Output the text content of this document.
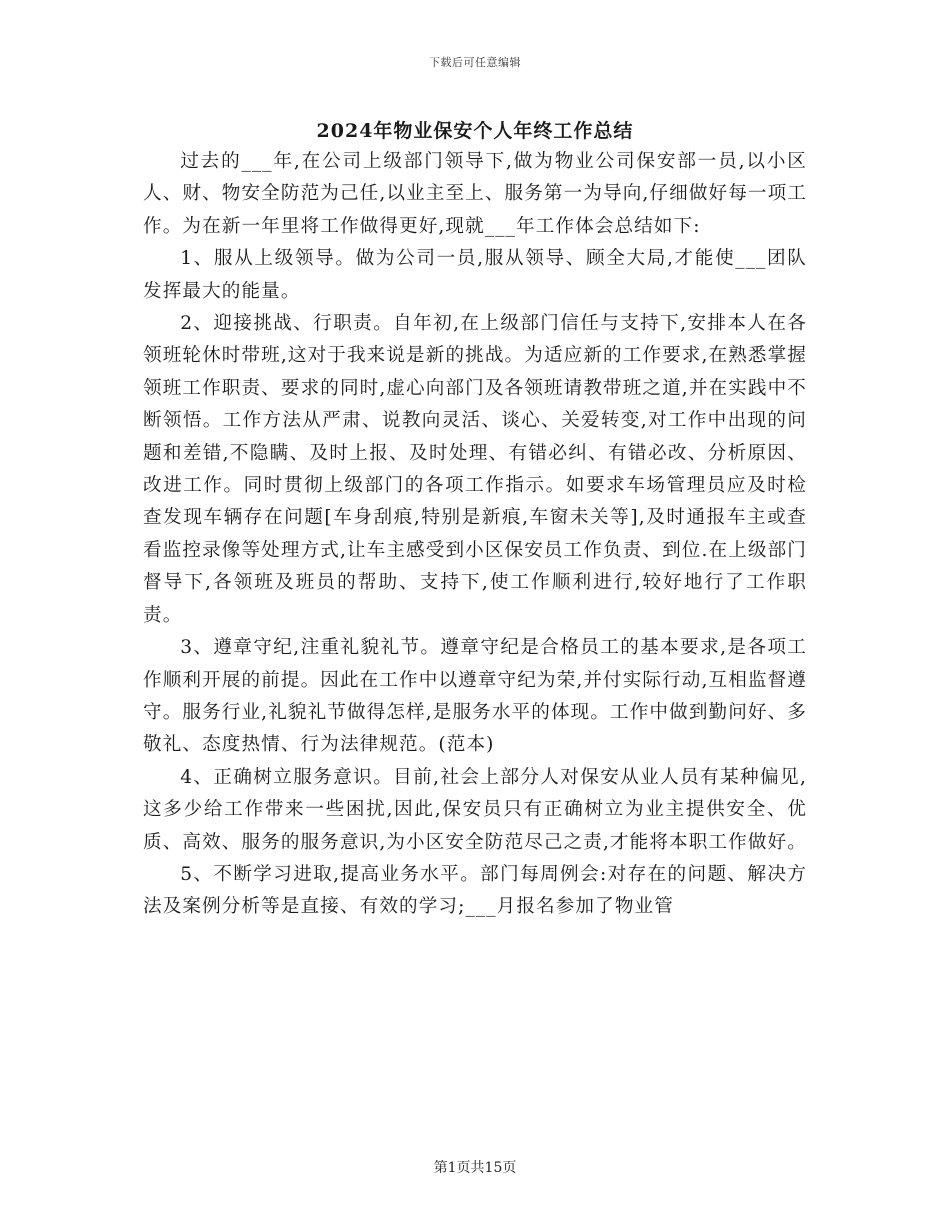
下载后可任意编辑
2024年物业保安个人年终工作总结

过去的___年,在公司上级部门领导下,做为物业公司保安部一员,以小区人、财、物安全防范为己任,以业主至上、服务第一为导向,仔细做好每一项工作。为在新一年里将工作做得更好,现就___年工作体会总结如下:

1、服从上级领导。做为公司一员,服从领导、顾全大局,才能使___团队发挥最大的能量。

2、迎接挑战、行职责。自年初,在上级部门信任与支持下,安排本人在各领班轮休时带班,这对于我来说是新的挑战。为适应新的工作要求,在熟悉掌握领班工作职责、要求的同时,虚心向部门及各领班请教带班之道,并在实践中不断领悟。工作方法从严肃、说教向灵活、谈心、关爱转变,对工作中出现的问题和差错,不隐瞒、及时上报、及时处理、有错必纠、有错必改、分析原因、改进工作。同时贯彻上级部门的各项工作指示。如要求车场管理员应及时检查发现车辆存在问题[车身刮痕,特别是新痕,车窗未关等],及时通报车主或查看监控录像等处理方式,让车主感受到小区保安员工作负责、到位.在上级部门督导下,各领班及班员的帮助、支持下,使工作顺利进行,较好地行了工作职责。

3、遵章守纪,注重礼貌礼节。遵章守纪是合格员工的基本要求,是各项工作顺利开展的前提。因此在工作中以遵章守纪为荣,并付实际行动,互相监督遵守。服务行业,礼貌礼节做得怎样,是服务水平的体现。工作中做到勤问好、多敬礼、态度热情、行为法律规范。(范本)

4、正确树立服务意识。目前,社会上部分人对保安从业人员有某种偏见,这多少给工作带来一些困扰,因此,保安员只有正确树立为业主提供安全、优质、高效、服务的服务意识,为小区安全防范尽己之责,才能将本职工作做好。

5、不断学习进取,提高业务水平。部门每周例会:对存在的问题、解决方法及案例分析等是直接、有效的学习;___月报名参加了物业管

第1页共15页
